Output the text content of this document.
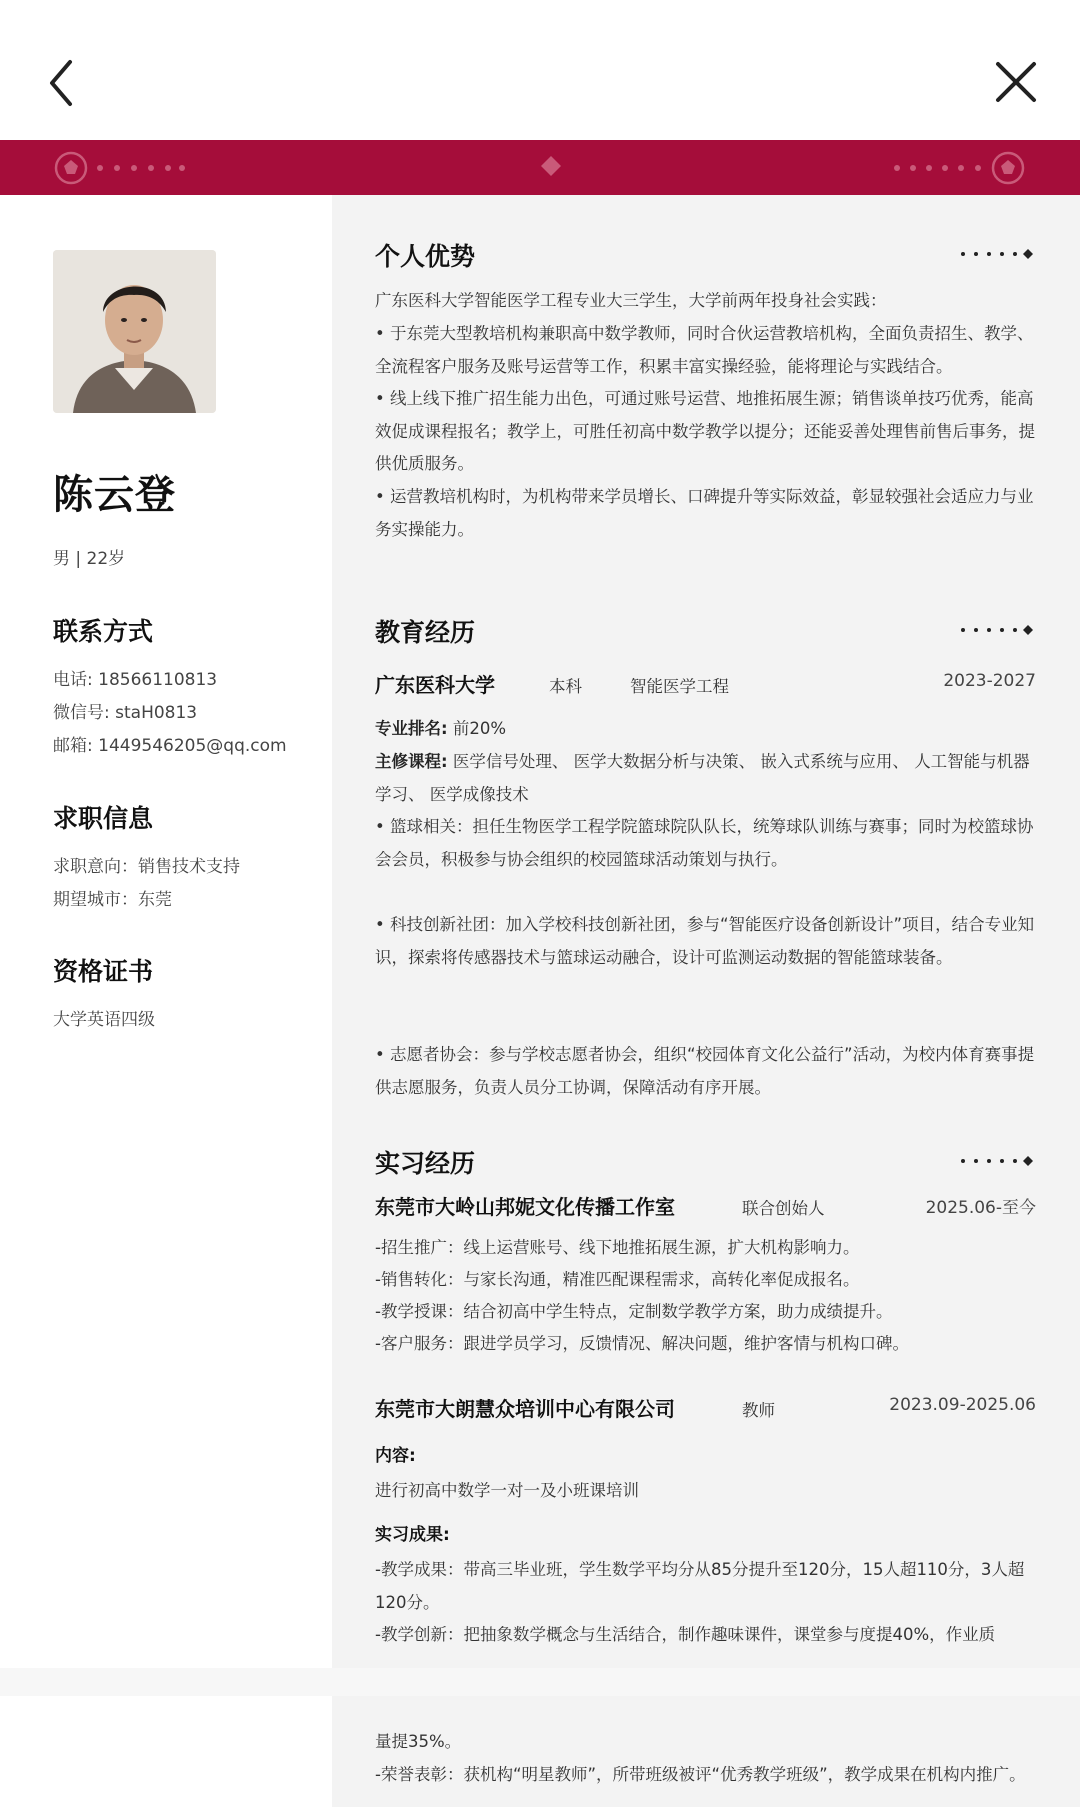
陈云登
男 | 22岁
联系方式
电话: 18566110813
微信号: staH0813
邮箱: 1449546205@qq.com
求职信息
求职意向：销售技术支持
期望城市：东莞
资格证书
大学英语四级
个人优势
广东医科大学智能医学工程专业大三学生，大学前两年投身社会实践：
• 于东莞大型教培机构兼职高中数学教师，同时合伙运营教培机构，全面负责招生、教学、全流程客户服务及账号运营等工作，积累丰富实操经验，能将理论与实践结合。
• 线上线下推广招生能力出色，可通过账号运营、地推拓展生源；销售谈单技巧优秀，能高效促成课程报名；教学上，可胜任初高中数学教学以提分；还能妥善处理售前售后事务，提供优质服务。
• 运营教培机构时，为机构带来学员增长、口碑提升等实际效益，彰显较强社会适应力与业务实操能力。
教育经历
广东医科大学	本科	智能医学工程	2023-2027
专业排名: 前20%
主修课程: 医学信号处理、 医学大数据分析与决策、 嵌入式系统与应用、 人工智能与机器学习、 医学成像技术
• 篮球相关：担任生物医学工程学院篮球院队队长，统筹球队训练与赛事；同时为校篮球协会会员，积极参与协会组织的校园篮球活动策划与执行。
• 科技创新社团：加入学校科技创新社团，参与“智能医疗设备创新设计”项目，结合专业知识，探索将传感器技术与篮球运动融合，设计可监测运动数据的智能篮球装备。
• 志愿者协会：参与学校志愿者协会，组织“校园体育文化公益行”活动，为校内体育赛事提供志愿服务，负责人员分工协调，保障活动有序开展。
实习经历
东莞市大岭山邦妮文化传播工作室	联合创始人	2025.06-至今
-招生推广：线上运营账号、线下地推拓展生源，扩大机构影响力。
-销售转化：与家长沟通，精准匹配课程需求，高转化率促成报名。
-教学授课：结合初高中学生特点，定制数学教学方案，助力成绩提升。
-客户服务：跟进学员学习，反馈情况、解决问题，维护客情与机构口碑。
东莞市大朗慧众培训中心有限公司	教师	2023.09-2025.06
内容:
进行初高中数学一对一及小班课培训
实习成果:
-教学成果：带高三毕业班，学生数学平均分从85分提升至120分，15人超110分，3人超120分。
-教学创新：把抽象数学概念与生活结合，制作趣味课件，课堂参与度提40%，作业质
量提35%。
-荣誉表彰：获机构“明星教师”，所带班级被评“优秀教学班级”，教学成果在机构内推广。
